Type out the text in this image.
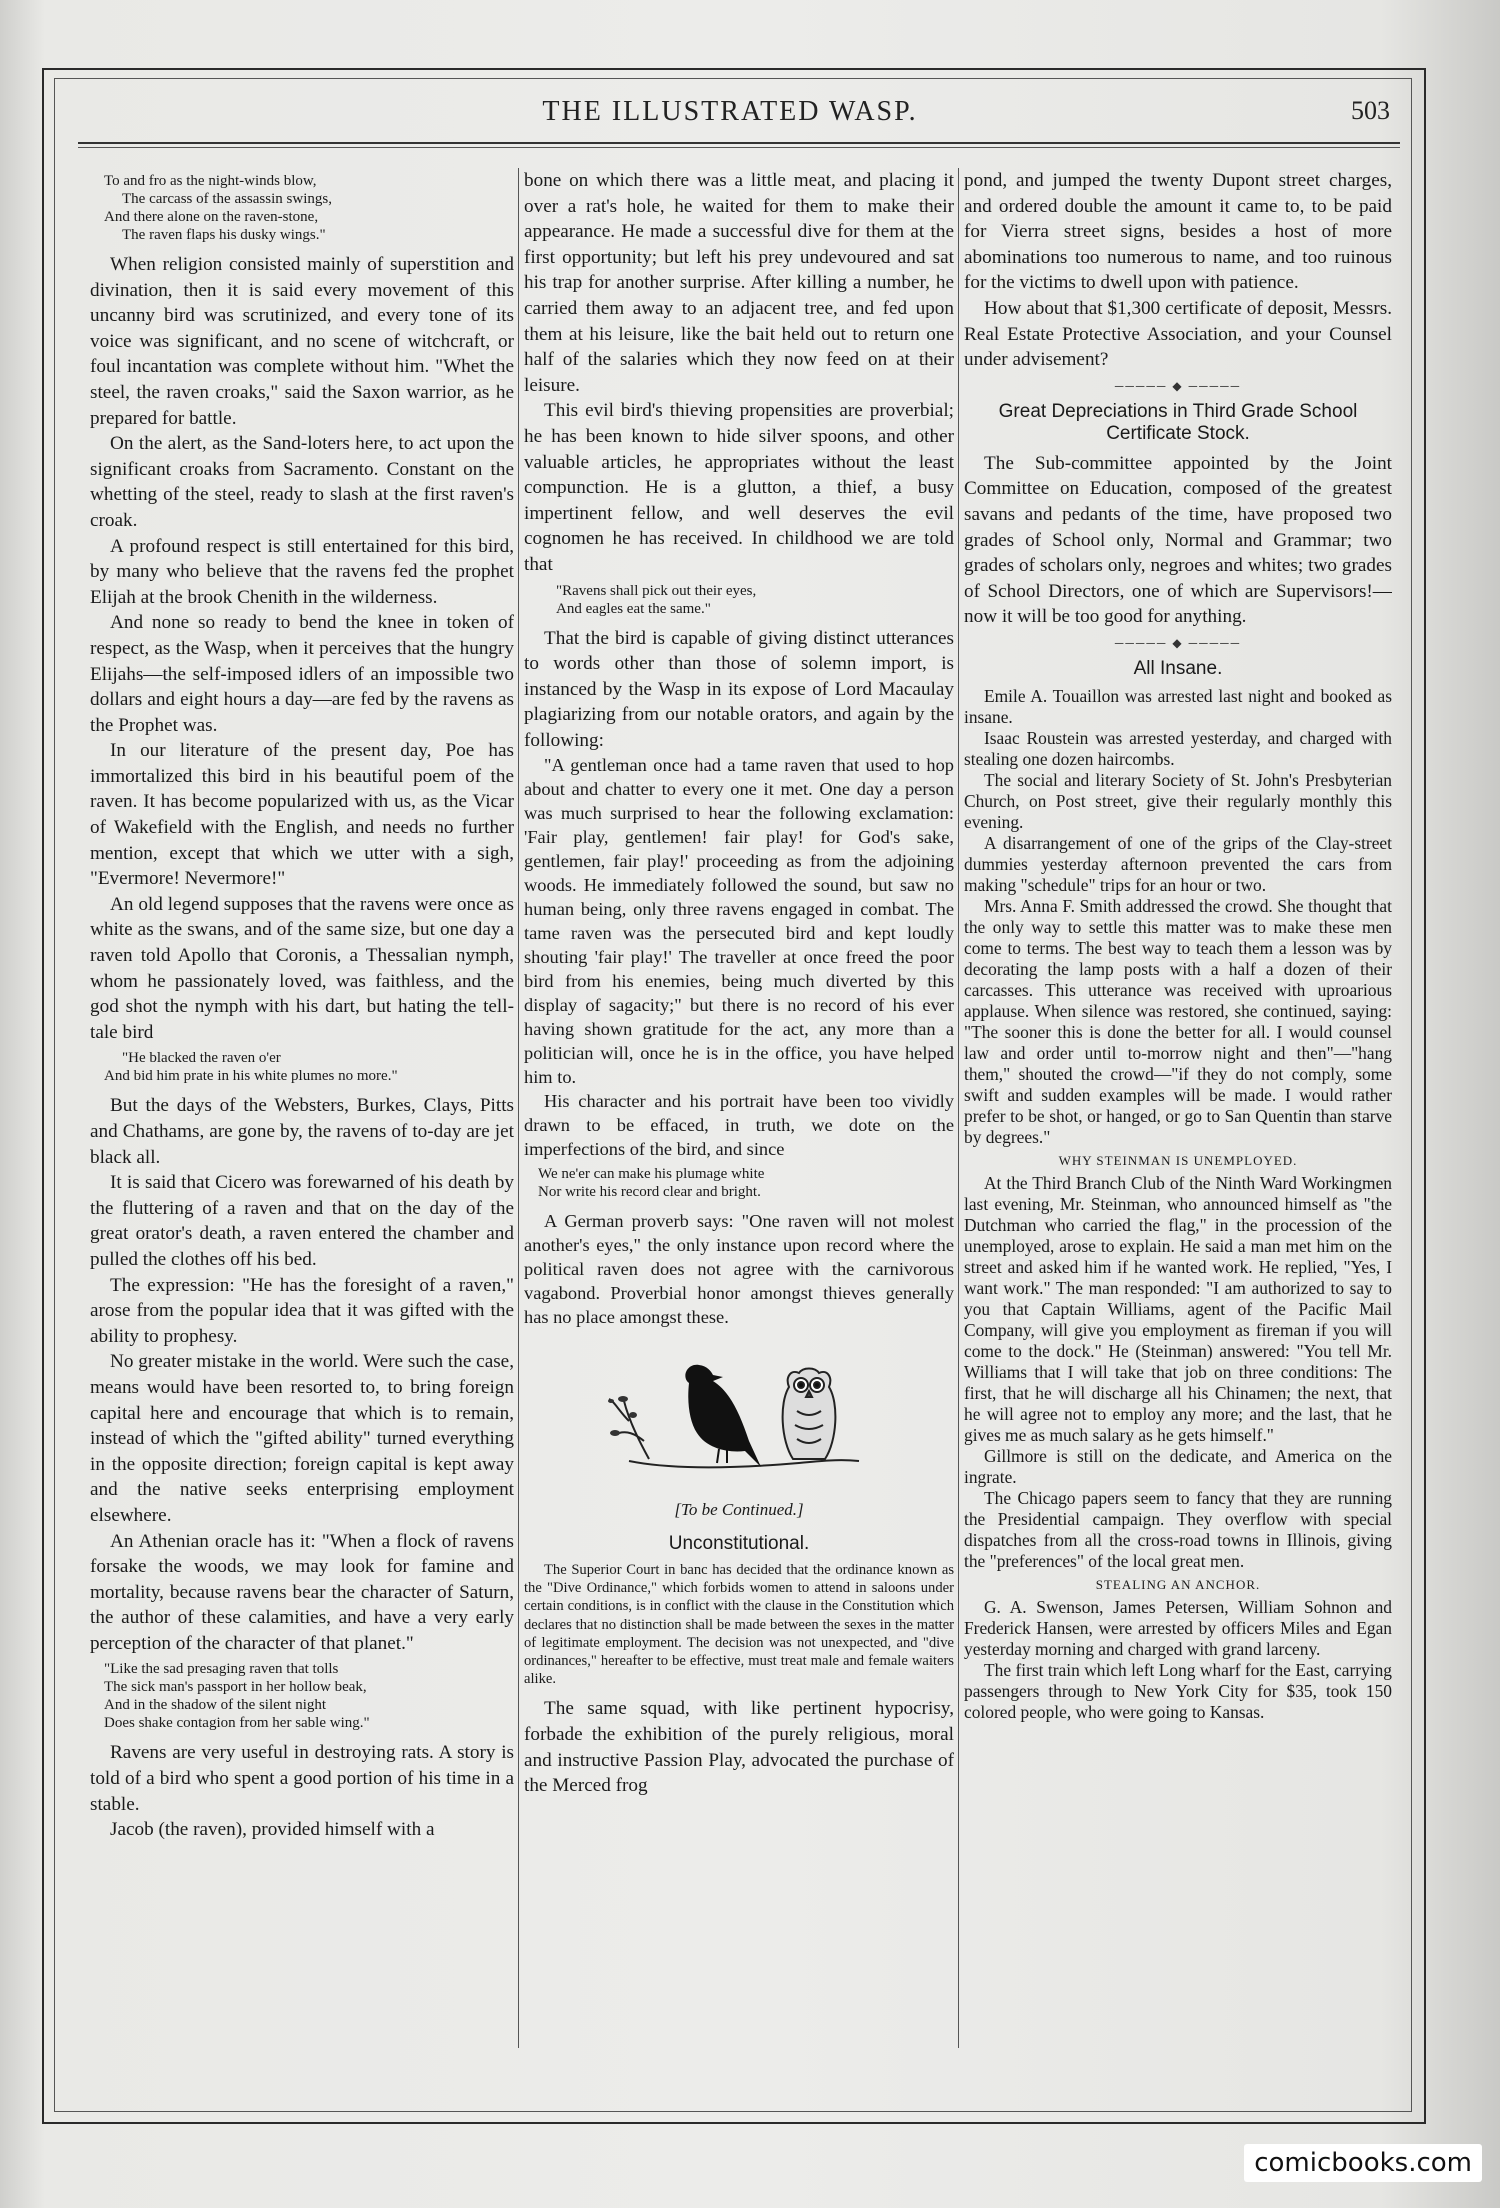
THE ILLUSTRATED WASP.	503
To and fro as the night-winds blow,
The carcass of the assassin swings,
And there alone on the raven-stone,
The raven flaps his dusky wings."

When religion consisted mainly of superstition and divination, then it is said every movement of this uncanny bird was scrutinized, and every tone of its voice was significant, and no scene of witchcraft, or foul incantation was complete without him. "Whet the steel, the raven croaks," said the Saxon warrior, as he prepared for battle.

On the alert, as the Sand-loters here, to act upon the significant croaks from Sacramento. Constant on the whetting of the steel, ready to slash at the first raven's croak.

A profound respect is still entertained for this bird, by many who believe that the ravens fed the prophet Elijah at the brook Chenith in the wilderness.

And none so ready to bend the knee in token of respect, as the Wasp, when it perceives that the hungry Elijahs—the self-imposed idlers of an impossible two dollars and eight hours a day—are fed by the ravens as the Prophet was.

In our literature of the present day, Poe has immortalized this bird in his beautiful poem of the raven. It has become popularized with us, as the Vicar of Wakefield with the English, and needs no further mention, except that which we utter with a sigh, "Evermore! Nevermore!"

An old legend supposes that the ravens were once as white as the swans, and of the same size, but one day a raven told Apollo that Coronis, a Thessalian nymph, whom he passionately loved, was faithless, and the god shot the nymph with his dart, but hating the tell-tale bird

"He blacked the raven o'er
And bid him prate in his white plumes no more."

But the days of the Websters, Burkes, Clays, Pitts and Chathams, are gone by, the ravens of to-day are jet black all.

It is said that Cicero was forewarned of his death by the fluttering of a raven and that on the day of the great orator's death, a raven entered the chamber and pulled the clothes off his bed.

The expression: "He has the foresight of a raven," arose from the popular idea that it was gifted with the ability to prophesy.

No greater mistake in the world. Were such the case, means would have been resorted to, to bring foreign capital here and encourage that which is to remain, instead of which the "gifted ability" turned everything in the opposite direction; foreign capital is kept away and the native seeks enterprising employment elsewhere.

An Athenian oracle has it: "When a flock of ravens forsake the woods, we may look for famine and mortality, because ravens bear the character of Saturn, the author of these calamities, and have a very early perception of the character of that planet."

"Like the sad presaging raven that tolls
The sick man's passport in her hollow beak,
And in the shadow of the silent night
Does shake contagion from her sable wing."

Ravens are very useful in destroying rats. A story is told of a bird who spent a good portion of his time in a stable.

Jacob (the raven), provided himself with a

bone on which there was a little meat, and placing it over a rat's hole, he waited for them to make their appearance. He made a successful dive for them at the first opportunity; but left his prey undevoured and sat his trap for another surprise. After killing a number, he carried them away to an adjacent tree, and fed upon them at his leisure, like the bait held out to return one half of the salaries which they now feed on at their leisure.

This evil bird's thieving propensities are proverbial; he has been known to hide silver spoons, and other valuable articles, he appropriates without the least compunction. He is a glutton, a thief, a busy impertinent fellow, and well deserves the evil cognomen he has received. In childhood we are told that

"Ravens shall pick out their eyes,
And eagles eat the same."

That the bird is capable of giving distinct utterances to words other than those of solemn import, is instanced by the Wasp in its expose of Lord Macaulay plagiarizing from our notable orators, and again by the following:

"A gentleman once had a tame raven that used to hop about and chatter to every one it met. One day a person was much surprised to hear the following exclamation: 'Fair play, gentlemen! fair play! for God's sake, gentlemen, fair play!' proceeding as from the adjoining woods. He immediately followed the sound, but saw no human being, only three ravens engaged in combat. The tame raven was the persecuted bird and kept loudly shouting 'fair play!' The traveller at once freed the poor bird from his enemies, being much diverted by this display of sagacity;" but there is no record of his ever having shown gratitude for the act, any more than a politician will, once he is in the office, you have helped him to.

His character and his portrait have been too vividly drawn to be effaced, in truth, we dote on the imperfections of the bird, and since

We ne'er can make his plumage white
Nor write his record clear and bright.

A German proverb says: "One raven will not molest another's eyes," the only instance upon record where the political raven does not agree with the carnivorous vagabond. Proverbial honor amongst thieves generally has no place amongst these.

[To be Continued.]

Unconstitutional.

The Superior Court in banc has decided that the ordinance known as the "Dive Ordinance," which forbids women to attend in saloons under certain conditions, is in conflict with the clause in the Constitution which declares that no distinction shall be made between the sexes in the matter of legitimate employment. The decision was not unexpected, and "dive ordinances," hereafter to be effective, must treat male and female waiters alike.

The same squad, with like pertinent hypocrisy, forbade the exhibition of the purely religious, moral and instructive Passion Play, advocated the purchase of the Merced frog

pond, and jumped the twenty Dupont street charges, and ordered double the amount it came to, to be paid for Vierra street signs, besides a host of more abominations too numerous to name, and too ruinous for the victims to dwell upon with patience.

How about that $1,300 certificate of deposit, Messrs. Real Estate Protective Association, and your Counsel under advisement?

───── ◆ ─────
Great Depreciations in Third Grade School Certificate Stock.

The Sub-committee appointed by the Joint Committee on Education, composed of the greatest savans and pedants of the time, have proposed two grades of School only, Normal and Grammar; two grades of scholars only, negroes and whites; two grades of School Directors, one of which are Supervisors!—now it will be too good for anything.

───── ◆ ─────
All Insane.

Emile A. Touaillon was arrested last night and booked as insane.

Isaac Roustein was arrested yesterday, and charged with stealing one dozen haircombs.

The social and literary Society of St. John's Presbyterian Church, on Post street, give their regularly monthly this evening.

A disarrangement of one of the grips of the Clay-street dummies yesterday afternoon prevented the cars from making "schedule" trips for an hour or two.

Mrs. Anna F. Smith addressed the crowd. She thought that the only way to settle this matter was to make these men come to terms. The best way to teach them a lesson was by decorating the lamp posts with a half a dozen of their carcasses. This utterance was received with uproarious applause. When silence was restored, she continued, saying: "The sooner this is done the better for all. I would counsel law and order until to-morrow night and then"—"hang them," shouted the crowd—"if they do not comply, some swift and sudden examples will be made. I would rather prefer to be shot, or hanged, or go to San Quentin than starve by degrees."

WHY STEINMAN IS UNEMPLOYED.

At the Third Branch Club of the Ninth Ward Workingmen last evening, Mr. Steinman, who announced himself as "the Dutchman who carried the flag," in the procession of the unemployed, arose to explain. He said a man met him on the street and asked him if he wanted work. He replied, "Yes, I want work." The man responded: "I am authorized to say to you that Captain Williams, agent of the Pacific Mail Company, will give you employment as fireman if you will come to the dock." He (Steinman) answered: "You tell Mr. Williams that I will take that job on three conditions: The first, that he will discharge all his Chinamen; the next, that he will agree not to employ any more; and the last, that he gives me as much salary as he gets himself."

Gillmore is still on the dedicate, and America on the ingrate.

The Chicago papers seem to fancy that they are running the Presidential campaign. They overflow with special dispatches from all the cross-road towns in Illinois, giving the "preferences" of the local great men.

STEALING AN ANCHOR.

G. A. Swenson, James Petersen, William Sohnon and Frederick Hansen, were arrested by officers Miles and Egan yesterday morning and charged with grand larceny.

The first train which left Long wharf for the East, carrying passengers through to New York City for $35, took 150 colored people, who were going to Kansas.

comicbooks.com
